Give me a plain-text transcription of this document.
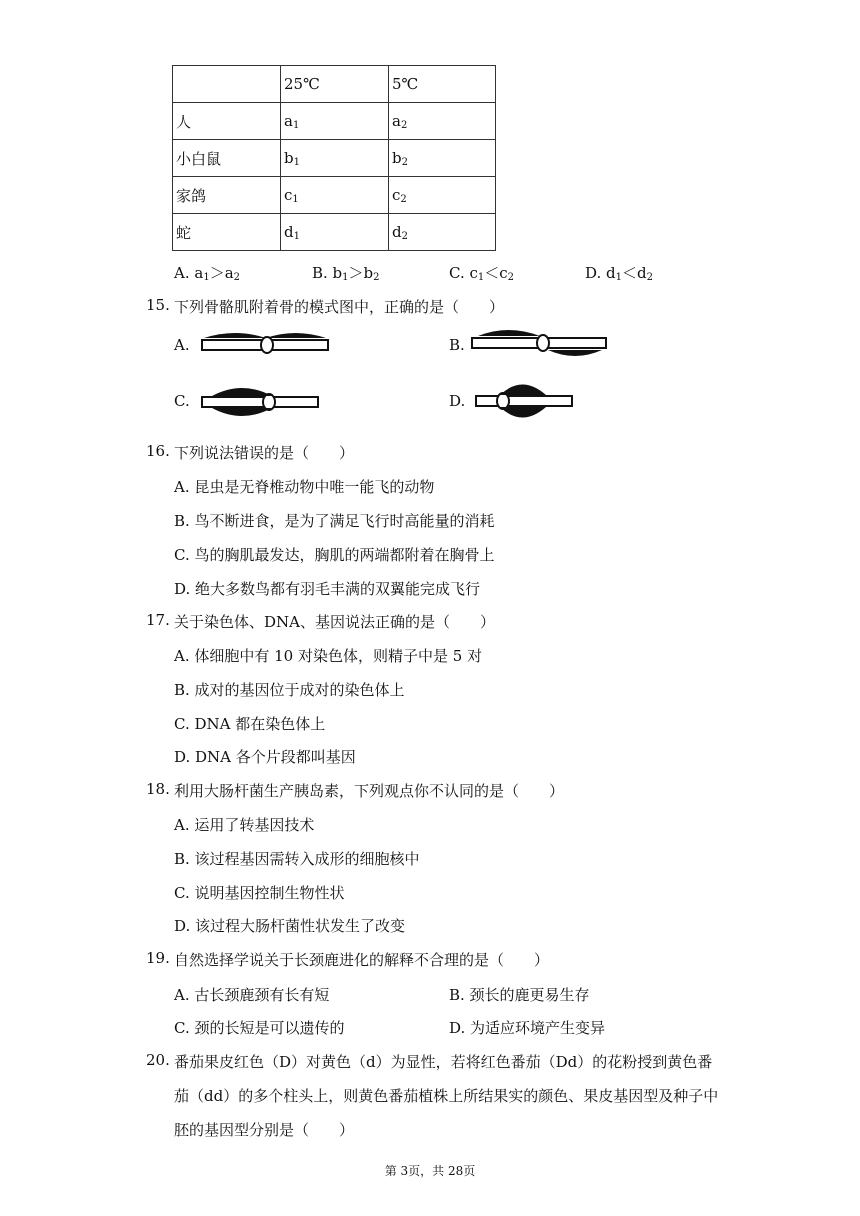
	25℃	5℃
人	$a_1$	$a_2$
小白鼠	$b_1$	$b_2$
家鸽	$c_1$	$c_2$
蛇	$d_1$	$d_2$
A. $a_1>a_2$	B. $b_1>b_2$	C. $c_1<c_2$	D. $d_1<d_2$
15. 下列骨骼肌附着骨的模式图中，正确的是（　　）
A.	B.
C.	D.
16. 下列说法错误的是（　　）
A. 昆虫是无脊椎动物中唯一能飞的动物
B. 鸟不断进食，是为了满足飞行时高能量的消耗
C. 鸟的胸肌最发达，胸肌的两端都附着在胸骨上
D. 绝大多数鸟都有羽毛丰满的双翼能完成飞行
17. 关于染色体、DNA、基因说法正确的是（　　）
A. 体细胞中有 10 对染色体，则精子中是 5 对
B. 成对的基因位于成对的染色体上
C. DNA 都在染色体上
D. DNA 各个片段都叫基因
18. 利用大肠杆菌生产胰岛素，下列观点你不认同的是（　　）
A. 运用了转基因技术
B. 该过程基因需转入成形的细胞核中
C. 说明基因控制生物性状
D. 该过程大肠杆菌性状发生了改变
19. 自然选择学说关于长颈鹿进化的解释不合理的是（　　）
A. 古长颈鹿颈有长有短	B. 颈长的鹿更易生存
C. 颈的长短是可以遗传的	D. 为适应环境产生变异
20. 番茄果皮红色（D）对黄色（d）为显性，若将红色番茄（Dd）的花粉授到黄色番
茄（dd）的多个柱头上，则黄色番茄植株上所结果实的颜色、果皮基因型及种子中
胚的基因型分别是（　　）
第 3页，共 28页
